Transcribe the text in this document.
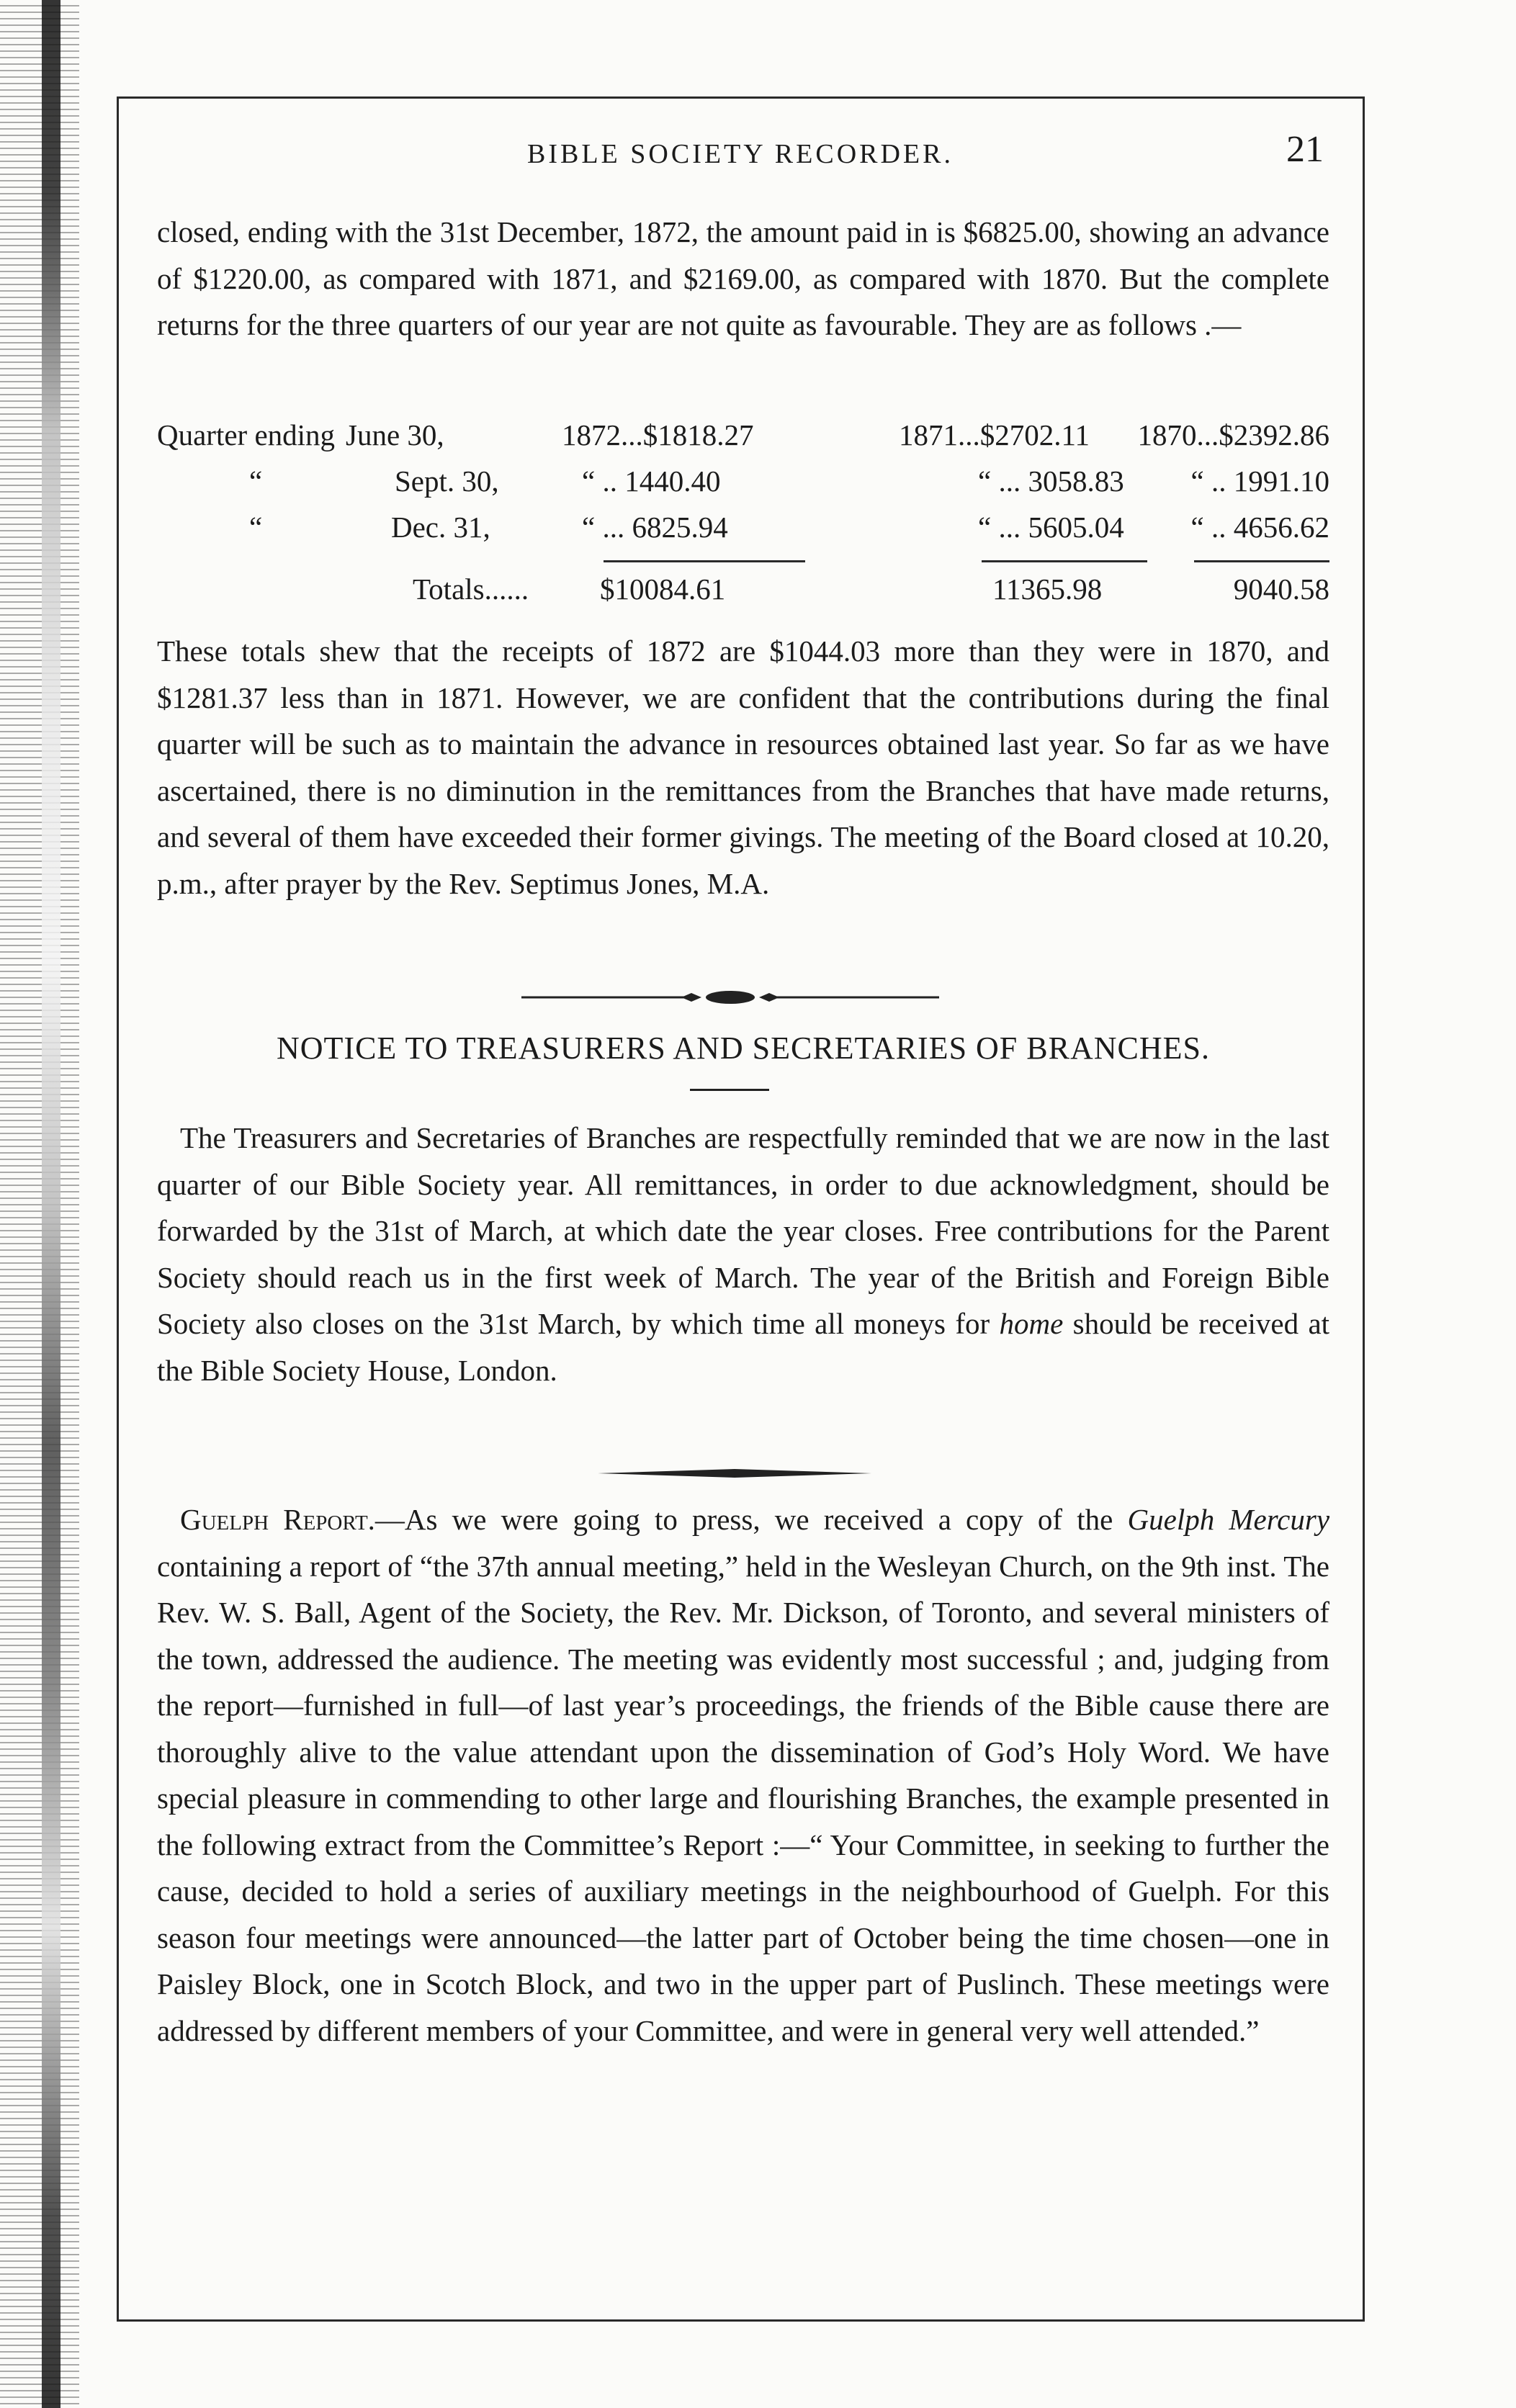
BIBLE SOCIETY RECORDER.	21

closed, ending with the 31st December, 1872, the amount paid in is $6825.00, showing an advance of $1220.00, as compared with 1871, and $2169.00, as compared with 1870. But the complete returns for the three quarters of our year are not quite as favourable. They are as follows .—

Quarter ending June 30,	1872...$1818.27	1871...$2702.11	1870...$2392.86
“	Sept. 30,	“ .. 1440.40	“ ... 3058.83	“ .. 1991.10
“	Dec. 31,	“ ... 6825.94	“ ... 5605.04	“ .. 4656.62
Totals...... $10084.61	11365.98	9040.58

These totals shew that the receipts of 1872 are $1044.03 more than they were in 1870, and $1281.37 less than in 1871. However, we are confident that the contributions during the final quarter will be such as to maintain the advance in resources obtained last year. So far as we have ascertained, there is no diminution in the remittances from the Branches that have made returns, and several of them have exceeded their former givings. The meeting of the Board closed at 10.20, p.m., after prayer by the Rev. Septimus Jones, M.A.

NOTICE TO TREASURERS AND SECRETARIES OF BRANCHES.

The Treasurers and Secretaries of Branches are respectfully reminded that we are now in the last quarter of our Bible Society year. All remittances, in order to due acknowledgment, should be forwarded by the 31st of March, at which date the year closes. Free contributions for the Parent Society should reach us in the first week of March. The year of the British and Foreign Bible Society also closes on the 31st March, by which time all moneys for home should be received at the Bible Society House, London.

Guelph Report.—As we were going to press, we received a copy of the Guelph Mercury containing a report of “the 37th annual meeting,” held in the Wesleyan Church, on the 9th inst. The Rev. W. S. Ball, Agent of the Society, the Rev. Mr. Dickson, of Toronto, and several ministers of the town, addressed the audience. The meeting was evidently most successful ; and, judging from the report—furnished in full—of last year’s proceedings, the friends of the Bible cause there are thoroughly alive to the value attendant upon the dissemination of God’s Holy Word. We have special pleasure in commending to other large and flourishing Branches, the example presented in the following extract from the Committee’s Report :—“ Your Committee, in seeking to further the cause, decided to hold a series of auxiliary meetings in the neighbourhood of Guelph. For this season four meetings were announced—the latter part of October being the time chosen—one in Paisley Block, one in Scotch Block, and two in the upper part of Puslinch. These meetings were addressed by different members of your Committee, and were in general very well attended.”
